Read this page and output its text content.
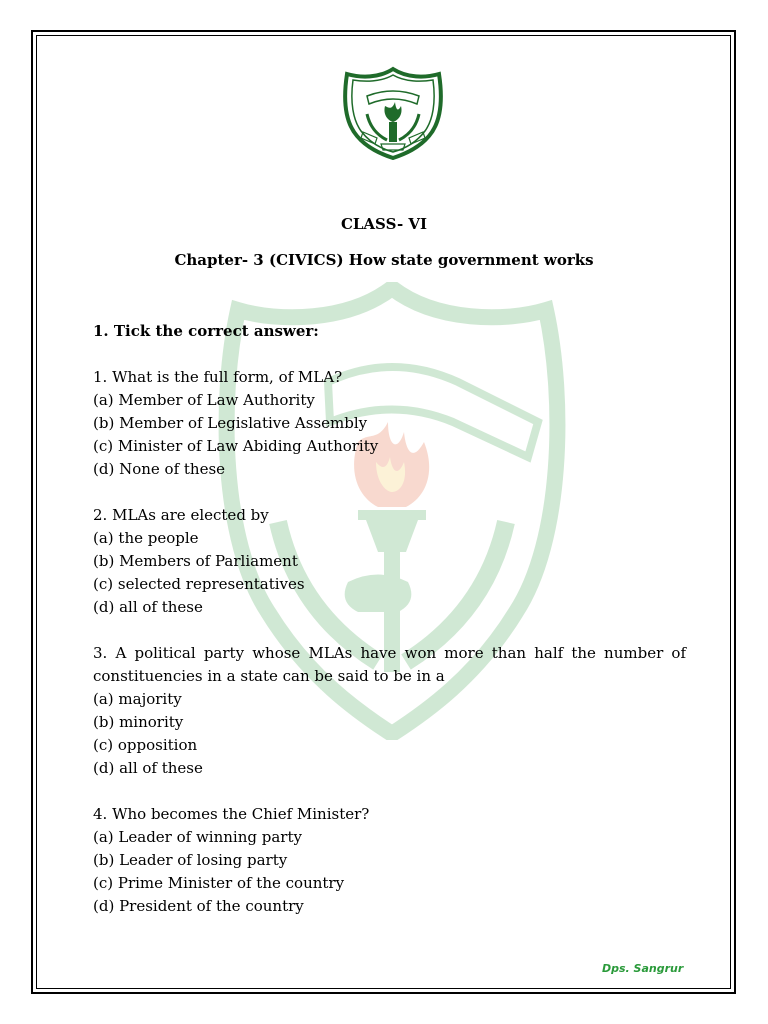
CLASS- VI
Chapter- 3 (CIVICS) How state government works
1. Tick the correct answer:
1. What is the full form, of MLA?
(a) Member of Law Authority
(b) Member of Legislative Assembly
(c) Minister of Law Abiding Authority
(d) None of these
2. MLAs are elected by
(a) the people
(b) Members of Parliament
(c) selected representatives
(d) all of these
3. A political party whose MLAs have won more than half the number of constituencies in a state can be said to be in a
(a) majority
(b) minority
(c) opposition
(d) all of these
4. Who becomes the Chief Minister?
(a) Leader of winning party
(b) Leader of losing party
(c) Prime Minister of the country
(d) President of the country
Dps. Sangrur
